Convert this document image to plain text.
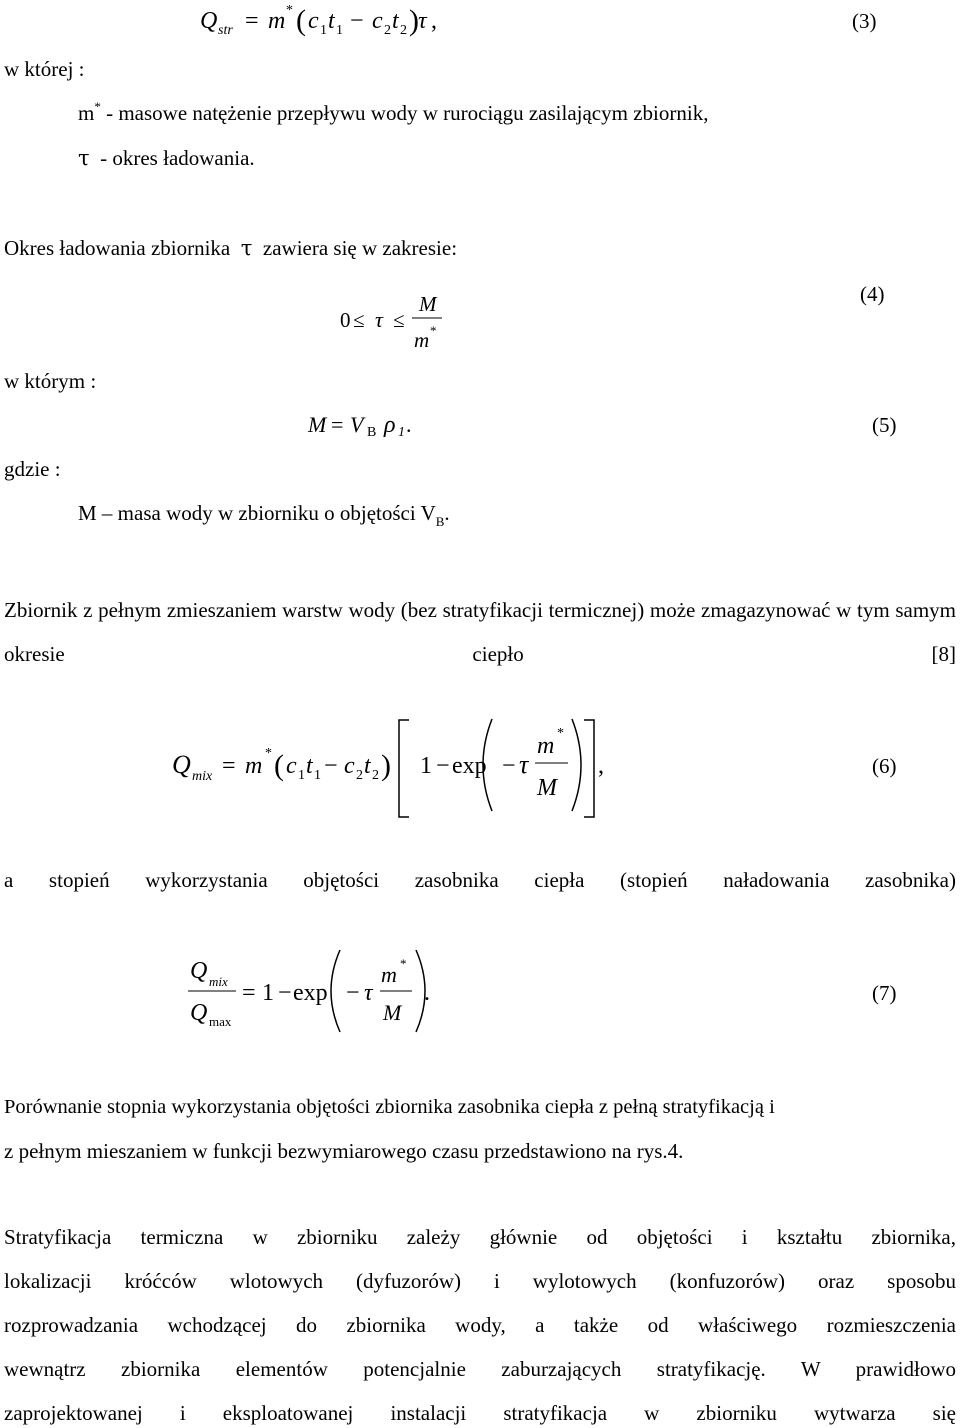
Q str = m * ( c 1 t 1 − c 2 t 2 ) τ ,	(3)
w której :
m* - masowe natężenie przepływu wody w rurociągu zasilającym zbiornik,
τ - okres ładowania.
Okres ładowania zbiornika τ zawiera się w zakresie:
0 ≤ τ ≤
M
m *
(4)
w którym :
M = V B ρ 1 .	(5)
gdzie :
M – masa wody w zbiorniku o objętości $V_B$.
Zbiornik z pełnym zmieszaniem warstw wody (bez stratyfikacji termicznej) może zmagazynować w tym samym okresie ciepło [8]
Q mix = m * ( c 1 t 1 − c 2 t 2 ) 1 − exp − τ
m *
M
,	(6)
a stopień wykorzystania objętości zasobnika ciepła (stopień naładowania zasobnika)
Q mix
Q max
= 1 − exp − τ
m *
M
.	(7)
Porównanie stopnia wykorzystania objętości zbiornika zasobnika ciepła z pełną stratyfikacją i
z pełnym mieszaniem w funkcji bezwymiarowego czasu przedstawiono na rys.4.
Stratyfikacja termiczna w zbiorniku zależy głównie od objętości i kształtu zbiornika,
lokalizacji króćców wlotowych (dyfuzorów) i wylotowych (konfuzorów) oraz sposobu
rozprowadzania wchodzącej do zbiornika wody, a także od właściwego rozmieszczenia
wewnątrz zbiornika elementów potencjalnie zaburzających stratyfikację. W prawidłowo
zaprojektowanej i eksploatowanej instalacji stratyfikacja w zbiorniku wytwarza się
